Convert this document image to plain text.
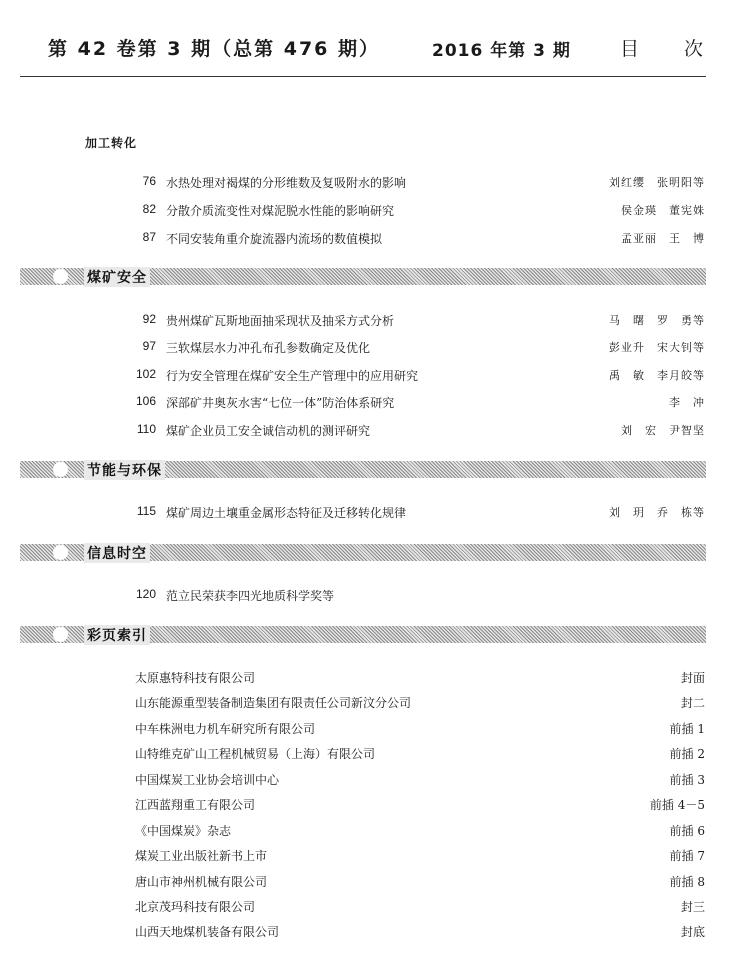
第 42 卷第 3 期（总第 476 期）	2016 年第 3 期	目 次
加工转化
76 水热处理对褐煤的分形维数及复吸附水的影响	刘红缨　张明阳等
82 分散介质流变性对煤泥脱水性能的影响研究	侯金瑛　董宪姝
87 不同安装角重介旋流器内流场的数值模拟	孟亚丽　王　博
煤矿安全
92 贵州煤矿瓦斯地面抽采现状及抽采方式分析	马　曙　罗　勇等
97 三软煤层水力冲孔布孔参数确定及优化	彭业升　宋大钊等
102 行为安全管理在煤矿安全生产管理中的应用研究	禹　敏　李月皎等
106 深部矿井奥灰水害“七位一体”防治体系研究	李　冲
110 煤矿企业员工安全诚信动机的测评研究	刘　宏　尹智坚
节能与环保
115 煤矿周边土壤重金属形态特征及迁移转化规律	刘　玥　乔　栋等
信息时空
120 范立民荣获李四光地质科学奖等
彩页索引
太原惠特科技有限公司	封面
山东能源重型装备制造集团有限责任公司新汶分公司	封二
中车株洲电力机车研究所有限公司	前插 1
山特维克矿山工程机械贸易（上海）有限公司	前插 2
中国煤炭工业协会培训中心	前插 3
江西蓝翔重工有限公司	前插 4－5
《中国煤炭》杂志	前插 6
煤炭工业出版社新书上市	前插 7
唐山市神州机械有限公司	前插 8
北京茂玛科技有限公司	封三
山西天地煤机装备有限公司	封底
